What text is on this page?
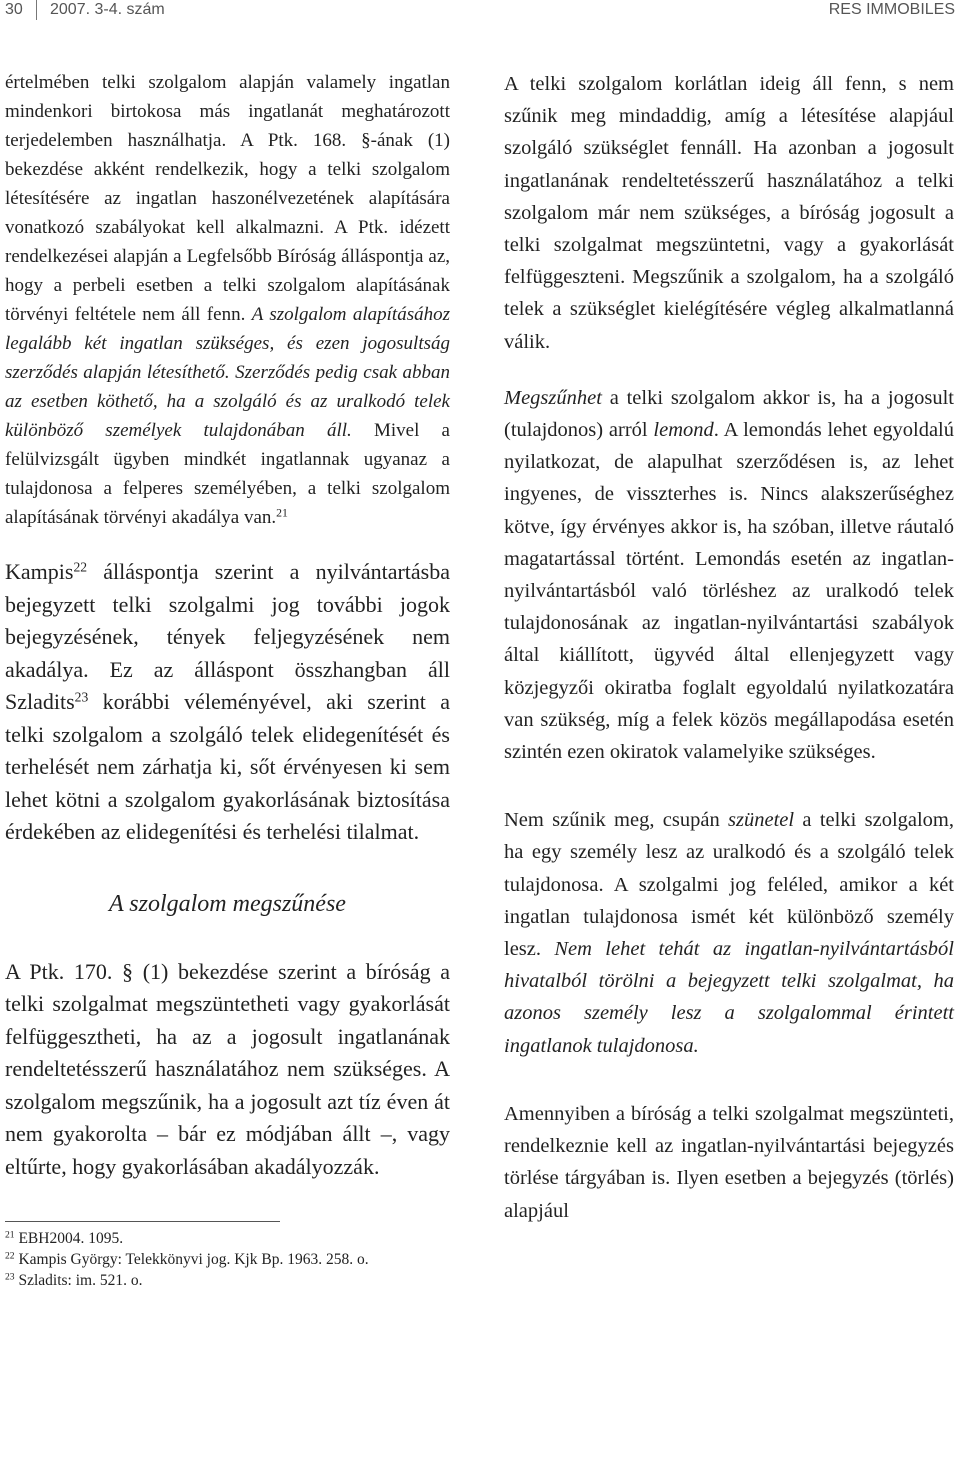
30 2007. 3-4. szám	RES IMMOBILES

értelmében telki szolgalom alapján valamely ingatlan mindenkori birtokosa más ingatlanát meghatározott terjedelemben használhatja. A Ptk. 168. §-ának (1) bekezdése akként rendelkezik, hogy a telki szolgalom létesítésére az ingatlan haszonélvezetének alapítására vonatkozó szabályokat kell alkalmazni. A Ptk. idézett rendelkezései alapján a Legfelsőbb Bíróság álláspontja az, hogy a perbeli esetben a telki szolgalom alapításának törvényi feltétele nem áll fenn. A szolgalom alapításához legalább két ingatlan szükséges, és ezen jogosultság szerződés alapján létesíthető. Szerződés pedig csak abban az esetben köthető, ha a szolgáló és az uralkodó telek különböző személyek tulajdonában áll. Mivel a felülvizsgált ügyben mindkét ingatlannak ugyanaz a tulajdonosa a felperes személyében, a telki szolgalom alapításának törvényi akadálya van.$^{21}$

Kampis$^{22}$ álláspontja szerint a nyilvántartásba bejegyzett telki szolgalmi jog további jogok bejegyzésének, tények feljegyzésének nem akadálya. Ez az álláspont összhangban áll Szladits$^{23}$ korábbi véleményével, aki szerint a telki szolgalom a szolgáló telek elidegenítését és terhelését nem zárhatja ki, sőt érvényesen ki sem lehet kötni a szolgalom gyakorlásának biztosítása érdekében az elidegenítési és terhelési tilalmat.

A szolgalom megszűnése

A Ptk. 170. § (1) bekezdése szerint a bíróság a telki szolgalmat megszüntetheti vagy gyakorlását felfüggesztheti, ha az a jogosult ingatlanának rendeltetésszerű használatához nem szükséges. A szolgalom megszűnik, ha a jogosult azt tíz éven át nem gyakorolta – bár ez módjában állt –, vagy eltűrte, hogy gyakorlásában akadályozzák.

$^{21}$ EBH2004. 1095.
$^{22}$ Kampis György: Telekkönyvi jog. Kjk Bp. 1963. 258. o.
$^{23}$ Szladits: im. 521. o.

A telki szolgalom korlátlan ideig áll fenn, s nem szűnik meg mindaddig, amíg a létesítése alapjául szolgáló szükséglet fennáll. Ha azonban a jogosult ingatlanának rendeltetésszerű használatához a telki szolgalom már nem szükséges, a bíróság jogosult a telki szolgalmat megszüntetni, vagy a gyakorlását felfüggeszteni. Megszűnik a szolgalom, ha a szolgáló telek a szükséglet kielégítésére végleg alkalmatlanná válik.

Megszűnhet a telki szolgalom akkor is, ha a jogosult (tulajdonos) arról lemond. A lemondás lehet egyoldalú nyilatkozat, de alapulhat szerződésen is, az lehet ingyenes, de visszterhes is. Nincs alakszerűséghez kötve, így érvényes akkor is, ha szóban, illetve ráutaló magatartással történt. Lemondás esetén az ingatlan-nyilvántartásból való törléshez az uralkodó telek tulajdonosának az ingatlan-nyilvántartási szabályok által kiállított, ügyvéd által ellenjegyzett vagy közjegyzői okiratba foglalt egyoldalú nyilatkozatára van szükség, míg a felek közös megállapodása esetén szintén ezen okiratok valamelyike szükséges.

Nem szűnik meg, csupán szünetel a telki szolgalom, ha egy személy lesz az uralkodó és a szolgáló telek tulajdonosa. A szolgalmi jog feléled, amikor a két ingatlan tulajdonosa ismét két különböző személy lesz. Nem lehet tehát az ingatlan-nyilvántartásból hivatalból törölni a bejegyzett telki szolgalmat, ha azonos személy lesz a szolgalommal érintett ingatlanok tulajdonosa.

Amennyiben a bíróság a telki szolgalmat megszünteti, rendelkeznie kell az ingatlan-nyilvántartási bejegyzés törlése tárgyában is. Ilyen esetben a bejegyzés (törlés) alapjául
